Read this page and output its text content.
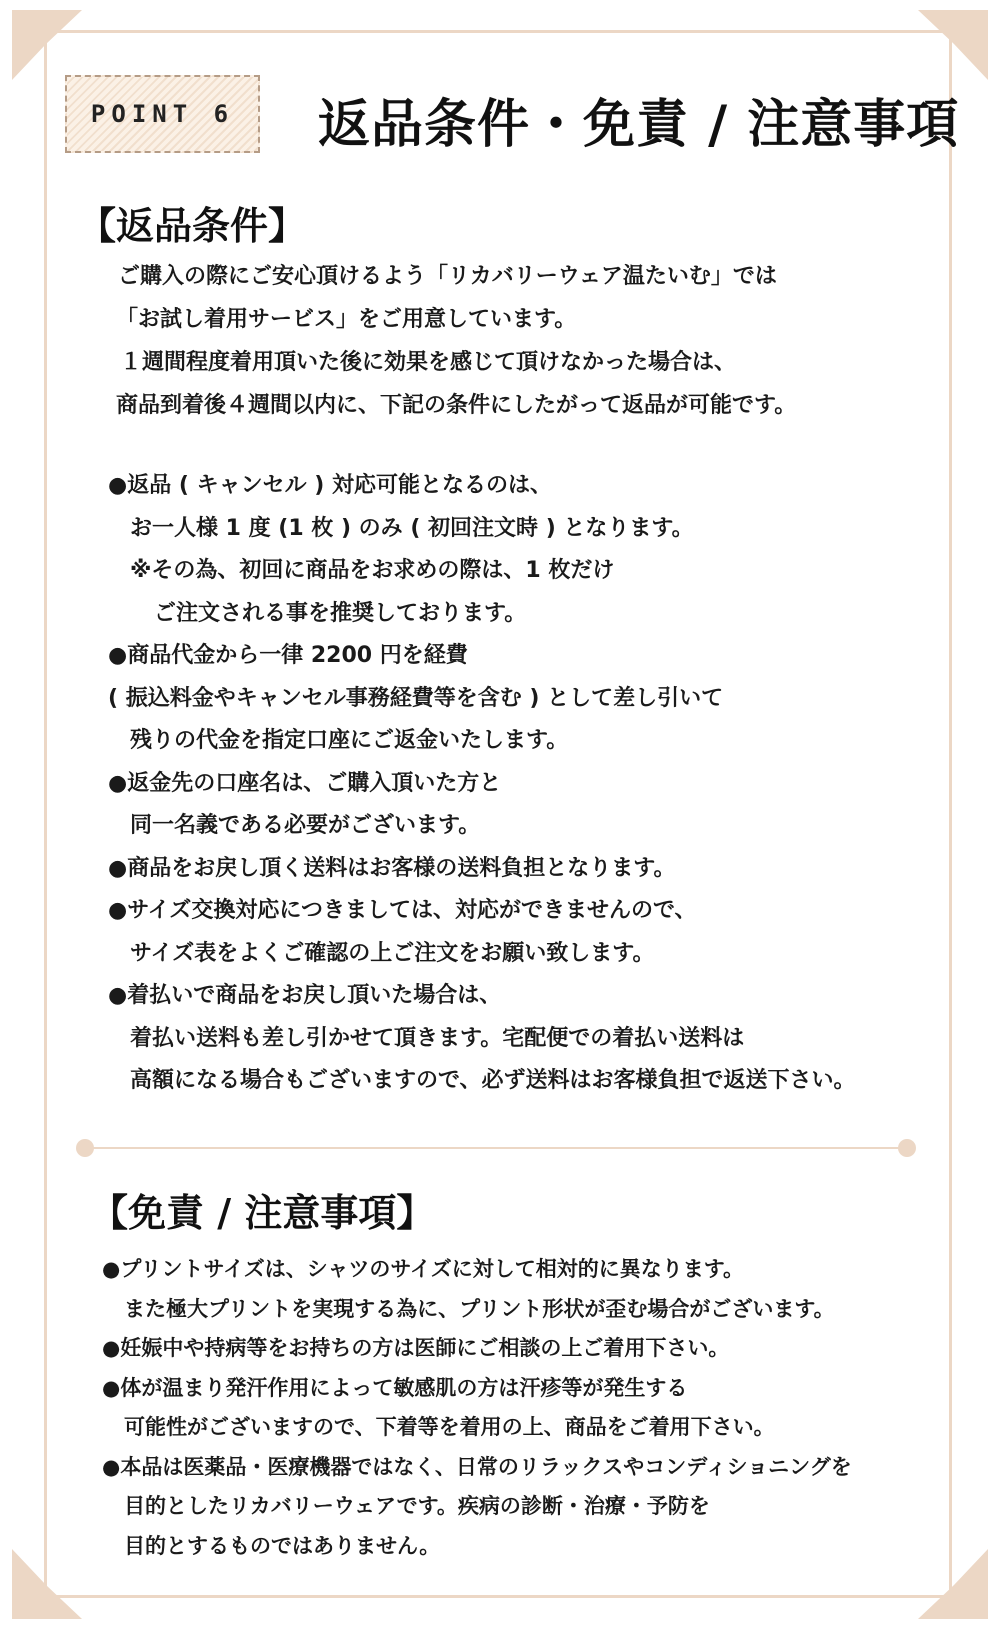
POINT 6 返品条件・免責 / 注意事項
【返品条件】
ご購入の際にご安心頂けるよう「リカバリーウェア温たいむ」では
「お試し着用サービス」をご用意しています。
１週間程度着用頂いた後に効果を感じて頂けなかった場合は、
商品到着後４週間以内に、下記の条件にしたがって返品が可能です。
●返品 ( キャンセル ) 対応可能となるのは、
お一人様 1 度 (1 枚 ) のみ ( 初回注文時 ) となります。
※その為、初回に商品をお求めの際は、1 枚だけ
ご注文される事を推奨しております。
●商品代金から一律 2200 円を経費
( 振込料金やキャンセル事務経費等を含む ) として差し引いて
残りの代金を指定口座にご返金いたします。
●返金先の口座名は、ご購入頂いた方と
同一名義である必要がございます。
●商品をお戻し頂く送料はお客様の送料負担となります。
●サイズ交換対応につきましては、対応ができませんので、
サイズ表をよくご確認の上ご注文をお願い致します。
●着払いで商品をお戻し頂いた場合は、
着払い送料も差し引かせて頂きます。宅配便での着払い送料は
高額になる場合もございますので、必ず送料はお客様負担で返送下さい。
【免責 / 注意事項】
●プリントサイズは、シャツのサイズに対して相対的に異なります。
また極大プリントを実現する為に、プリント形状が歪む場合がございます。
●妊娠中や持病等をお持ちの方は医師にご相談の上ご着用下さい。
●体が温まり発汗作用によって敏感肌の方は汗疹等が発生する
可能性がございますので、下着等を着用の上、商品をご着用下さい。
●本品は医薬品・医療機器ではなく、日常のリラックスやコンディショニングを
目的としたリカバリーウェアです。疾病の診断・治療・予防を
目的とするものではありません。
